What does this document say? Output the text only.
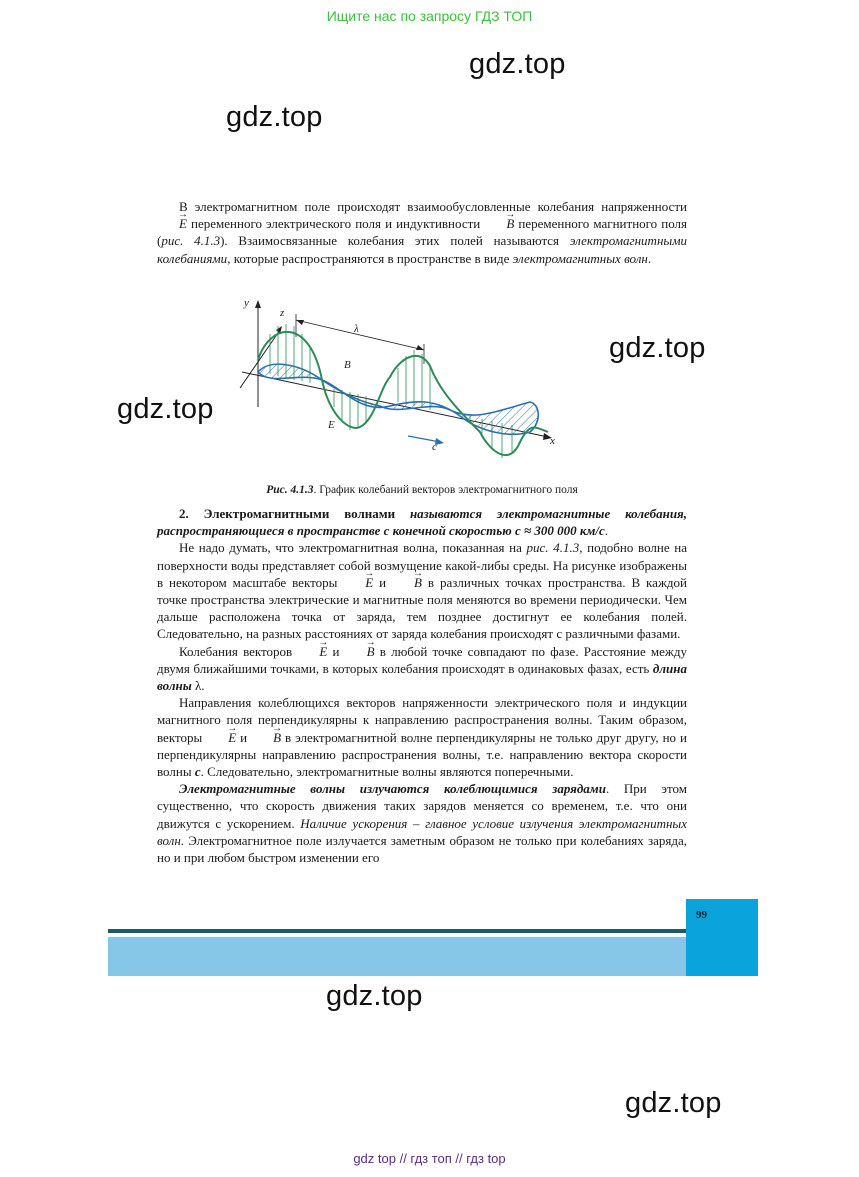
Ищите нас по запросу ГДЗ ТОП
gdz.top
gdz.top
gdz.top
gdz.top
gdz.top
gdz.top

В электромагнитном поле происходят взаимообусловленные колебания напряженности → E переменного электрического поля и индуктивности → B переменного магнитного поля (рис. 4.1.3). Взаимосвязанные колебания этих полей называются электромагнитными колебаниями, которые распространяются в пространстве в виде электромагнитных волн.

y
z
x
λ
B
E
c
Рис. 4.1.3. График колебаний векторов электромагнитного поля

2. Электромагнитными волнами называются электромагнитные колебания, распространяющиеся в пространстве с конечной скоростью c ≈ 300 000 км/с.

Не надо думать, что электромагнитная волна, показанная на рис. 4.1.3, подобно волне на поверхности воды представляет собой возмущение какой-либы среды. На рисунке изображены в некотором масштабе векторы → E и → B в различных точках пространства. В каждой точке пространства электрические и магнитные поля меняются во времени периодически. Чем дальше расположена точка от заряда, тем позднее достигнут ее колебания полей. Следовательно, на разных расстояниях от заряда колебания происходят с различными фазами.

Колебания векторов → E и → B в любой точке совпадают по фазе. Расстояние между двумя ближайшими точками, в которых колебания происходят в одинаковых фазах, есть длина волны λ.

Направления колеблющихся векторов напряженности электрического поля и индукции магнитного поля перпендикулярны к направлению распространения волны. Таким образом, векторы → E и → B в электромагнитной волне перпендикулярны не только друг другу, но и перпендикулярны направлению распространения волны, т.е. направлению вектора скорости волны c. Следовательно, электромагнитные волны являются поперечными.

Электромагнитные волны излучаются колеблющимися зарядами. При этом существенно, что скорость движения таких зарядов меняется со временем, т.е. что они движутся с ускорением. Наличие ускорения – главное условие излучения электромагнитных волн. Электромагнитное поле излучается заметным образом не только при колебаниях заряда, но и при любом быстром изменении его

99
gdz top // гдз топ // гдз top
